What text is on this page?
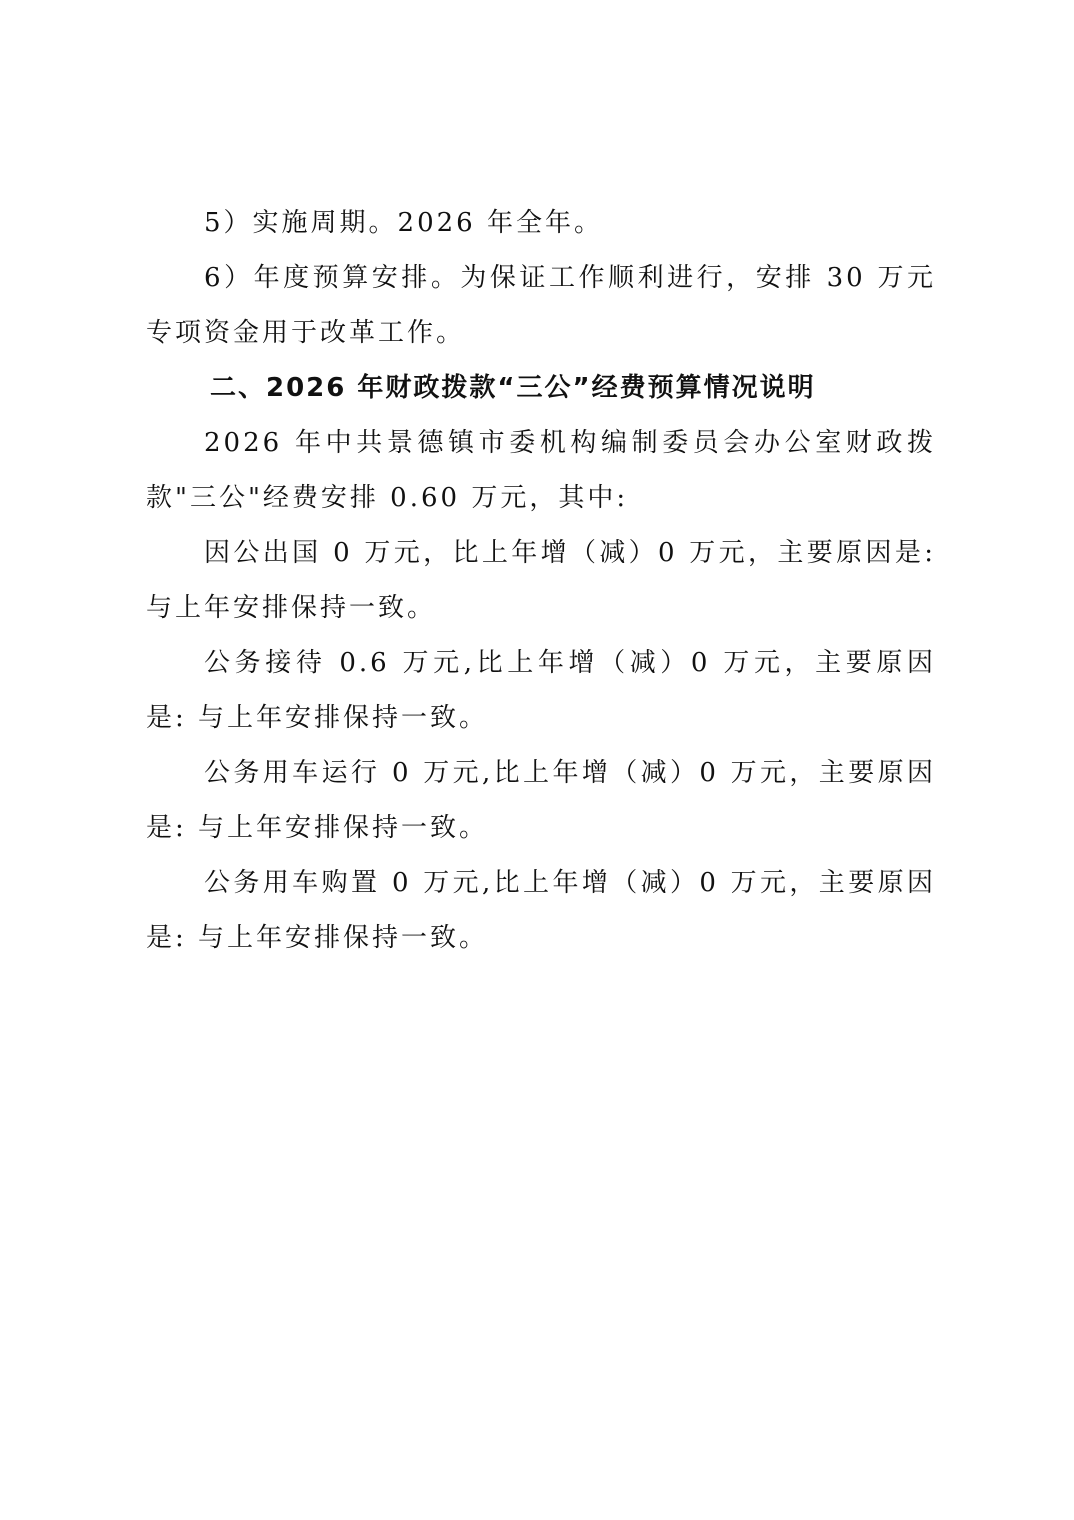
5）实施周期。2026 年全年。

6）年度预算安排。为保证工作顺利进行，安排 30 万元专项资金用于改革工作。

二、2026 年财政拨款“三公”经费预算情况说明

2026 年中共景德镇市委机构编制委员会办公室财政拨款"三公"经费安排 0.60 万元，其中:

因公出国 0 万元，比上年增（减）0 万元，主要原因是: 与上年安排保持一致。

公务接待 0.6 万元,比上年增（减）0 万元，主要原因是: 与上年安排保持一致。

公务用车运行 0 万元,比上年增（减）0 万元，主要原因是: 与上年安排保持一致。

公务用车购置 0 万元,比上年增（减）0 万元，主要原因是: 与上年安排保持一致。
